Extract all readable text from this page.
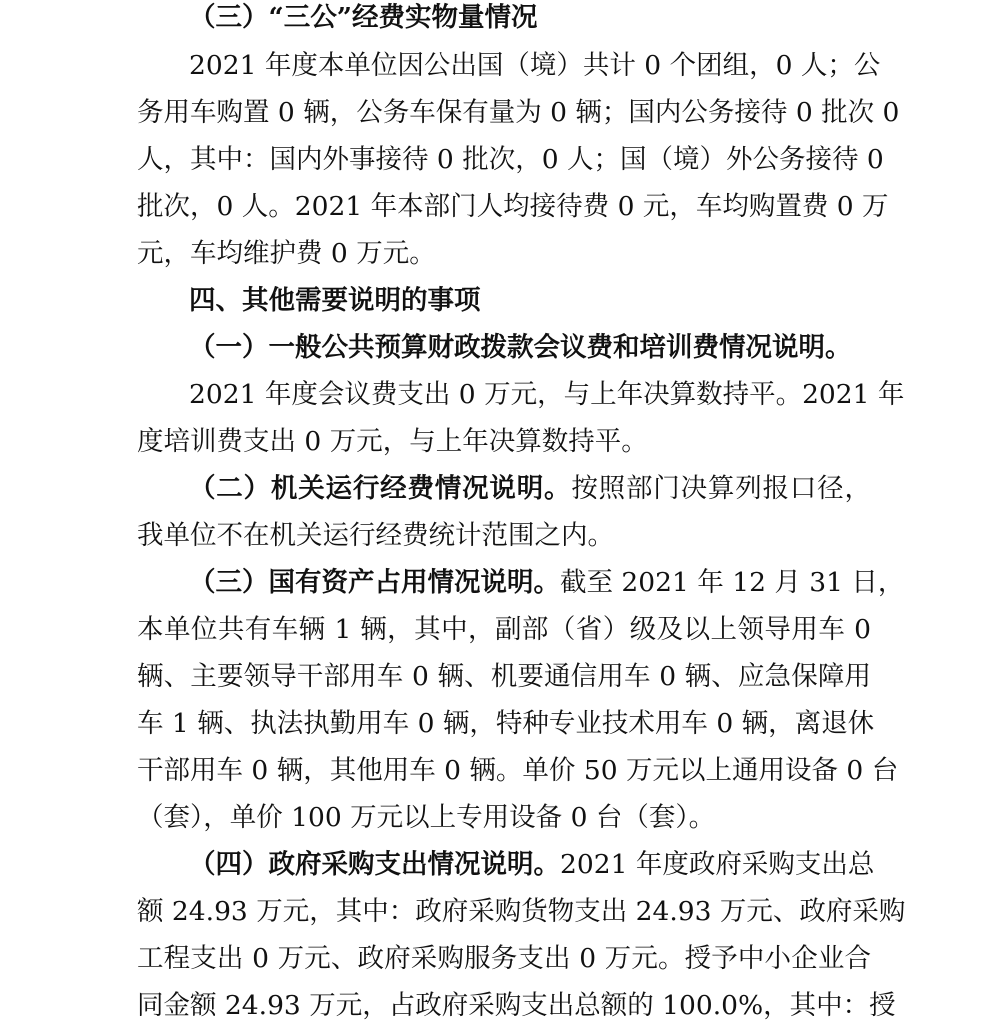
（三）“三公”经费实物量情况
2021 年度本单位因公出国（境）共计 0 个团组，0 人；公
务用车购置 0 辆，公务车保有量为 0 辆；国内公务接待 0 批次 0
人，其中：国内外事接待 0 批次，0 人；国（境）外公务接待 0
批次，0 人。2021 年本部门人均接待费 0 元，车均购置费 0 万
元，车均维护费 0 万元。
四、其他需要说明的事项
（一）一般公共预算财政拨款会议费和培训费情况说明。
2021 年度会议费支出 0 万元，与上年决算数持平。2021 年
度培训费支出 0 万元，与上年决算数持平。
（二）机关运行经费情况说明。按照部门决算列报口径，
我单位不在机关运行经费统计范围之内。
（三）国有资产占用情况说明。截至 2021 年 12 月 31 日，
本单位共有车辆 1 辆，其中，副部（省）级及以上领导用车 0
辆、主要领导干部用车 0 辆、机要通信用车 0 辆、应急保障用
车 1 辆、执法执勤用车 0 辆，特种专业技术用车 0 辆，离退休
干部用车 0 辆，其他用车 0 辆。单价 50 万元以上通用设备 0 台
（套），单价 100 万元以上专用设备 0 台（套）。
（四）政府采购支出情况说明。2021 年度政府采购支出总
额 24.93 万元，其中：政府采购货物支出 24.93 万元、政府采购
工程支出 0 万元、政府采购服务支出 0 万元。授予中小企业合
同金额 24.93 万元，占政府采购支出总额的 100.0%，其中：授
